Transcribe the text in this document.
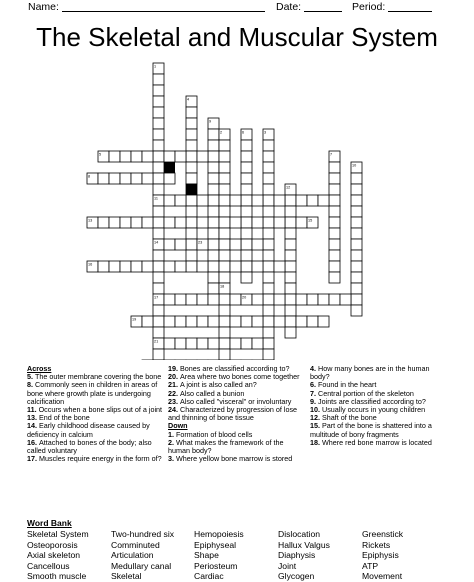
Name:	Date:	Period:
The Skeletal and Muscular System
1
2	3
4
5
6
7
8
9
10
11
12
13
14
15
16
17
18
19
20
21
23
Across
5. The outer membrane covering the bone
8. Commonly seen in children in areas of bone where growth plate is undergoing calcification
11. Occurs when a bone slips out of a joint
13. End of the bone
14. Early childhood disease caused by deficiency in calcium
16. Attached to bones of the body; also called voluntary
17. Muscles require energy in the form of?
19. Bones are classified according to?
20. Area where two bones come together
21. A joint is also called an?
22. Also called a bunion
23. Also called "visceral" or involuntary
24. Characterized by progression of lose and thinning of bone tissue
Down
1. Formation of blood cells
2. What makes the framework of the human body?
3. Where yellow bone marrow is stored
4. How many bones are in the human body?
6. Found in the heart
7. Central portion of the skeleton
9. Joints are classified according to?
10. Usually occurs in young children
12. Shaft of the bone
15. Part of the bone is shattered into a multitude of bony fragments
18. Where red bone marrow is located
Word Bank
Skeletal System
Osteoporosis
Axial skeleton
Cancellous
Smooth muscle
Two-hundred six
Comminuted
Articulation
Medullary canal
Skeletal
Hemopoiesis
Epiphyseal
Shape
Periosteum
Cardiac
Dislocation
Hallux Valgus
Diaphysis
Joint
Glycogen
Greenstick
Rickets
Epiphysis
ATP
Movement
